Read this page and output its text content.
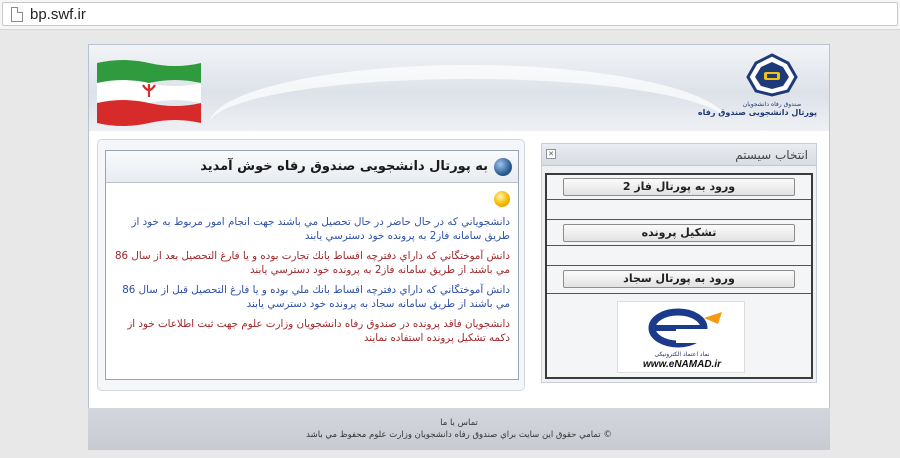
bp.swf.ir
صندوق رفاه دانشجویان
پورتال دانشجویی صندوق رفاه
به پورتال دانشجویی صندوق رفاه خوش آمدید
دانشجوياني كه در حال حاضر در حال تحصيل مي باشند جهت انجام امور مربوط به خود از طريق سامانه فاز2 به پرونده خود دسترسي يابند
دانش آموختگاني كه داراي دفترچه اقساط بانك تجارت بوده و يا فارغ التحصيل بعد از سال 86 مي باشند از طريق سامانه فاز2 به پرونده خود دسترسي يابند
دانش آموختگاني كه داراي دفترچه اقساط بانك ملي بوده و يا فارغ التحصيل قبل از سال 86 مي باشند از طريق سامانه سجاد به پرونده خود دسترسي يابند
دانشجويان فاقد پرونده در صندوق رفاه دانشجويان وزارت علوم جهت ثبت اطلاعات خود از دكمه تشكيل پرونده استفاده نمايند
انتخاب سيستم
✕
ورود به پورتال فاز 2
تشكيل پرونده
ورود به پورتال سجاد
نماد اعتماد الکترونیکی
www.eNAMAD.ir
تماس با ما
© تمامي حقوق اين سايت براي صندوق رفاه دانشجويان وزارت علوم محفوظ مي باشد
